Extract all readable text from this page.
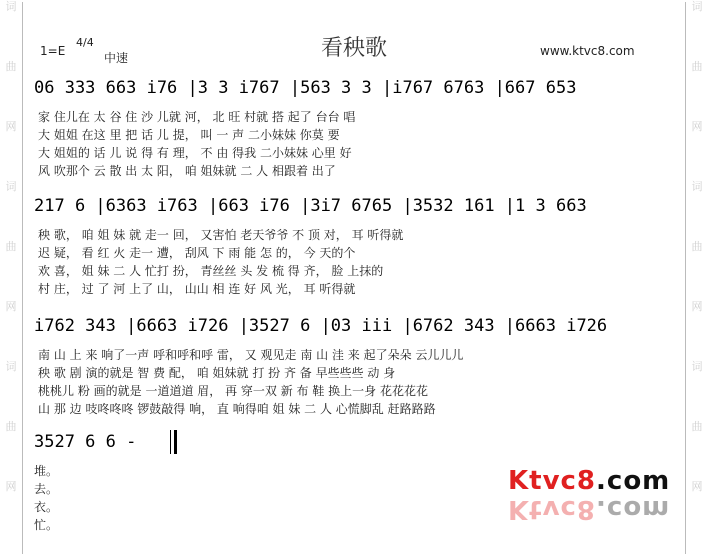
词
曲
网
词
曲
网
词
曲
网
词
曲
网
词
曲
网
词
曲
网
看秧歌
1=E
4/4
中速	www.ktvc8.com
06 333 663 i76 |3 3 i767 |563 3 3 |i767 6763 |667 653
家 住儿在 太 谷 住 沙 儿就 河， 北 旺 村就 搭 起了 台台 唱
大 姐姐 在这 里 把 话 儿 提， 叫 一 声 二小妹妹 你莫 要
大 姐姐的 话 儿 说 得 有 理， 不 由 得我 二小妹妹 心里 好
风 吹那个 云 散 出 太 阳， 咱 姐妹就 二 人 相跟着 出了
217 6 |6363 i763 |663 i76 |3i7 6765 |3532 161 |1 3 663
秧 歌， 咱 姐 妹 就 走一 回， 又害怕 老天爷爷 不 顶 对， 耳 听得就
迟 疑， 看 红 火 走一 遭， 刮风 下 雨 能 怎 的， 今 天的个
欢 喜， 姐 妹 二 人 忙打 扮， 青丝丝 头 发 梳 得 齐， 脸 上抹的
村 庄， 过 了 河 上了 山， 山山 相 连 好 风 光， 耳 听得就
i762 343 |6663 i726 |3527 6 |03 iii |6762 343 |6663 i726
南 山 上 来 响了一声 呼和呼和呼 雷， 又 观见走 南 山 洼 来 起了朵朵 云儿儿儿
秧 歌 剧 演的就是 智 费 配， 咱 姐妹就 打 扮 齐 备 早些些些 动 身
桃桃儿 粉 画的就是 一道道道 眉， 再 穿一双 新 布 鞋 换上一身 花花花花
山 那 边 吱咚咚咚 锣鼓敲得 响， 直 响得咱 姐 妹 二 人 心慌脚乱 赶路路路
3527 6 6 -
堆。
去。
衣。
忙。
Ktvc8.com
Ktvc8.com
